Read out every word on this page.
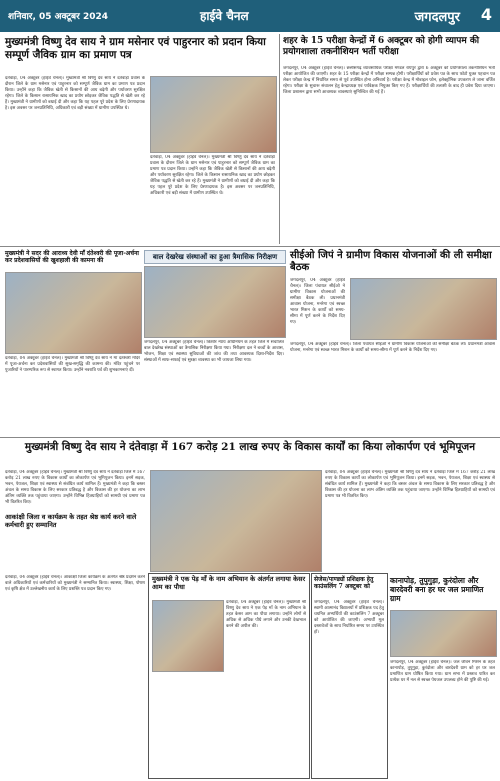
शनिवार, 05 अक्टूबर 2024	हाईवे चैनल	जगदलपुर 4
मुख्यमंत्री विष्णु देव साय ने ग्राम मसेनार एवं पाहुरनार को प्रदान किया सम्पूर्ण जैविक ग्राम का प्रमाण पत्र
दंतेवाड़ा, 04 अक्टूबर (हाईवे चैनल)। मुख्यमंत्री श्री विष्णु देव साय ने दंतेवाड़ा प्रवास के दौरान जिले के ग्राम मसेनार एवं पाहुरनार को सम्पूर्ण जैविक ग्राम का प्रमाण पत्र प्रदान किया। उन्होंने कहा कि जैविक खेती से किसानों की आय बढ़ेगी और पर्यावरण सुरक्षित रहेगा। जिले के किसान रासायनिक खाद का प्रयोग छोड़कर जैविक पद्धति से खेती कर रहे हैं। मुख्यमंत्री ने ग्रामीणों को बधाई दी और कहा कि यह पहल पूरे प्रदेश के लिए प्रेरणादायक है। इस अवसर पर जनप्रतिनिधि, अधिकारी एवं बड़ी संख्या में ग्रामीण उपस्थित थे।
दंतेवाड़ा, 04 अक्टूबर (हाईवे चैनल)। मुख्यमंत्री श्री विष्णु देव साय ने दंतेवाड़ा प्रवास के दौरान जिले के ग्राम मसेनार एवं पाहुरनार को सम्पूर्ण जैविक ग्राम का प्रमाण पत्र प्रदान किया। उन्होंने कहा कि जैविक खेती से किसानों की आय बढ़ेगी और पर्यावरण सुरक्षित रहेगा। जिले के किसान रासायनिक खाद का प्रयोग छोड़कर जैविक पद्धति से खेती कर रहे हैं। मुख्यमंत्री ने ग्रामीणों को बधाई दी और कहा कि यह पहल पूरे प्रदेश के लिए प्रेरणादायक है। इस अवसर पर जनप्रतिनिधि, अधिकारी एवं बड़ी संख्या में ग्रामीण उपस्थित थे।
शहर के 15 परीक्षा केन्द्रों में 6 अक्टूबर को होगी व्यापम की प्रयोगशाला तकनीशियन भर्ती परीक्षा
जगदलपुर, 04 अक्टूबर (हाईवे चैनल)। छत्तीसगढ़ व्यावसायिक परीक्षा मण्डल रायपुर द्वारा 6 अक्टूबर को प्रयोगशाला तकनीशियन भर्ती परीक्षा आयोजित की जाएगी। शहर के 15 परीक्षा केन्द्रों में परीक्षा सम्पन्न होगी। परीक्षार्थियों को प्रवेश पत्र के साथ फोटो युक्त पहचान पत्र लेकर परीक्षा केन्द्र में निर्धारित समय से पूर्व उपस्थित होना अनिवार्य है। परीक्षा केन्द्र में मोबाइल फोन, इलेक्ट्रॉनिक उपकरण ले जाना वर्जित रहेगा। परीक्षा के सुचारू संचालन हेतु केन्द्राध्यक्ष एवं पर्यवेक्षक नियुक्त किए गए हैं। परीक्षार्थियों की तलाशी के बाद ही प्रवेश दिया जाएगा। जिला प्रशासन द्वारा सभी आवश्यक व्यवस्थाएं सुनिश्चित की गई हैं।
मुख्यमंत्री ने सदर की आराध्य देवी माँ दंतेश्वरी की पूजा-अर्चना कर प्रदेशवासियों की खुशहाली की कामना की
दंतेवाड़ा, 04 अक्टूबर (हाईवे चैनल)। मुख्यमंत्री श्री विष्णु देव साय ने माँ दंतेश्वरी मंदिर में पूजा-अर्चना कर प्रदेशवासियों की सुख-समृद्धि की कामना की। मंदिर पहुंचने पर पुजारियों ने पारम्परिक रूप से स्वागत किया। उन्होंने नवरात्रि पर्व की शुभकामनाएं दीं।
बाल देखरेख संस्थाओं का हुआ त्रैमासिक निरीक्षण
जगदलपुर, 04 अक्टूबर (हाईवे चैनल)। किशोर न्याय अधिनियम के तहत जिले में संचालित बाल देखरेख संस्थाओं का त्रैमासिक निरीक्षण किया गया। निरीक्षण दल ने बच्चों के आवास, भोजन, शिक्षा एवं स्वास्थ्य सुविधाओं की जांच की तथा आवश्यक दिशा-निर्देश दिए। संस्थाओं में साफ-सफाई एवं सुरक्षा व्यवस्था का भी जायजा लिया गया।
सीईओ जिपं ने ग्रामीण विकास योजनाओं की ली समीक्षा बैठक
जगदलपुर, 04 अक्टूबर (हाईवे चैनल)। जिला पंचायत सीईओ ने ग्रामीण विकास योजनाओं की समीक्षा बैठक ली। प्रधानमंत्री आवास योजना, मनरेगा एवं स्वच्छ भारत मिशन के कार्यों को समय-सीमा में पूर्ण करने के निर्देश दिए गए।
जगदलपुर, 04 अक्टूबर (हाईवे चैनल)। जिला पंचायत सीईओ ने ग्रामीण विकास योजनाओं की समीक्षा बैठक ली। प्रधानमंत्री आवास योजना, मनरेगा एवं स्वच्छ भारत मिशन के कार्यों को समय-सीमा में पूर्ण करने के निर्देश दिए गए।
मुख्यमंत्री विष्णु देव साय ने दंतेवाड़ा में 167 करोड़ 21 लाख रुपए के विकास कार्यों का किया लोकार्पण एवं भूमिपूजन
दंतेवाड़ा, 04 अक्टूबर (हाईवे चैनल)। मुख्यमंत्री श्री विष्णु देव साय ने दंतेवाड़ा जिले में 167 करोड़ 21 लाख रुपए के विकास कार्यों का लोकार्पण एवं भूमिपूजन किया। इनमें सड़क, भवन, पेयजल, शिक्षा एवं स्वास्थ्य से संबंधित कार्य शामिल हैं। मुख्यमंत्री ने कहा कि बस्तर अंचल के समग्र विकास के लिए सरकार प्रतिबद्ध है और विकास की हर योजना का लाभ अंतिम व्यक्ति तक पहुंचाया जाएगा। उन्होंने विभिन्न हितग्राहियों को सामग्री एवं प्रमाण पत्र भी वितरित किए।
दंतेवाड़ा, 04 अक्टूबर (हाईवे चैनल)। मुख्यमंत्री श्री विष्णु देव साय ने दंतेवाड़ा जिले में 167 करोड़ 21 लाख रुपए के विकास कार्यों का लोकार्पण एवं भूमिपूजन किया। इनमें सड़क, भवन, पेयजल, शिक्षा एवं स्वास्थ्य से संबंधित कार्य शामिल हैं। मुख्यमंत्री ने कहा कि बस्तर अंचल के समग्र विकास के लिए सरकार प्रतिबद्ध है और विकास की हर योजना का लाभ अंतिम व्यक्ति तक पहुंचाया जाएगा। उन्होंने विभिन्न हितग्राहियों को सामग्री एवं प्रमाण पत्र भी वितरित किए।
आकांक्षी जिला व कार्यक्रम के तहत श्रेष्ठ कार्य करने वाले कर्मचारी हुए सम्मानित
दंतेवाड़ा, 04 अक्टूबर (हाईवे चैनल)। आकांक्षी जिला कार्यक्रम के अंतर्गत श्रेष्ठ प्रदर्शन करने वाले अधिकारियों एवं कर्मचारियों को मुख्यमंत्री ने सम्मानित किया। स्वास्थ्य, शिक्षा, पोषण एवं कृषि क्षेत्र में उल्लेखनीय कार्य के लिए प्रशस्ति पत्र प्रदान किए गए।
मुख्यमंत्री ने एक पेड़ माँ के नाम अभियान के अंतर्गत लगाया केसर आम का पौधा
दंतेवाड़ा, 04 अक्टूबर (हाईवे चैनल)। मुख्यमंत्री श्री विष्णु देव साय ने एक पेड़ माँ के नाम अभियान के तहत केसर आम का पौधा लगाया। उन्होंने लोगों से अधिक से अधिक पौधे लगाने और उनकी देखभाल करने की अपील की।
सेजेस/पाण्ड्यों प्रशिक्षक हेतु काउंसलिंग 7 अक्टूबर को
जगदलपुर, 04 अक्टूबर (हाईवे चैनल)। स्वामी आत्मानंद विद्यालयों में प्रशिक्षक पद हेतु चयनित अभ्यर्थियों की काउंसलिंग 7 अक्टूबर को आयोजित की जाएगी। अभ्यर्थी मूल दस्तावेजों के साथ निर्धारित समय पर उपस्थित हों।
कानापोड़, तुपुगुड़ा, कुरंदोला और बारदेवरी बना हर घर जल प्रमाणित ग्राम
जगदलपुर, 04 अक्टूबर (हाईवे चैनल)। जल जीवन मिशन के तहत कानापोड़, तुपुगुड़ा, कुरंदोला और बारदेवरी ग्राम को हर घर जल प्रमाणित ग्राम घोषित किया गया। ग्राम सभा में प्रस्ताव पारित कर प्रत्येक घर में नल से स्वच्छ पेयजल उपलब्ध होने की पुष्टि की गई।
